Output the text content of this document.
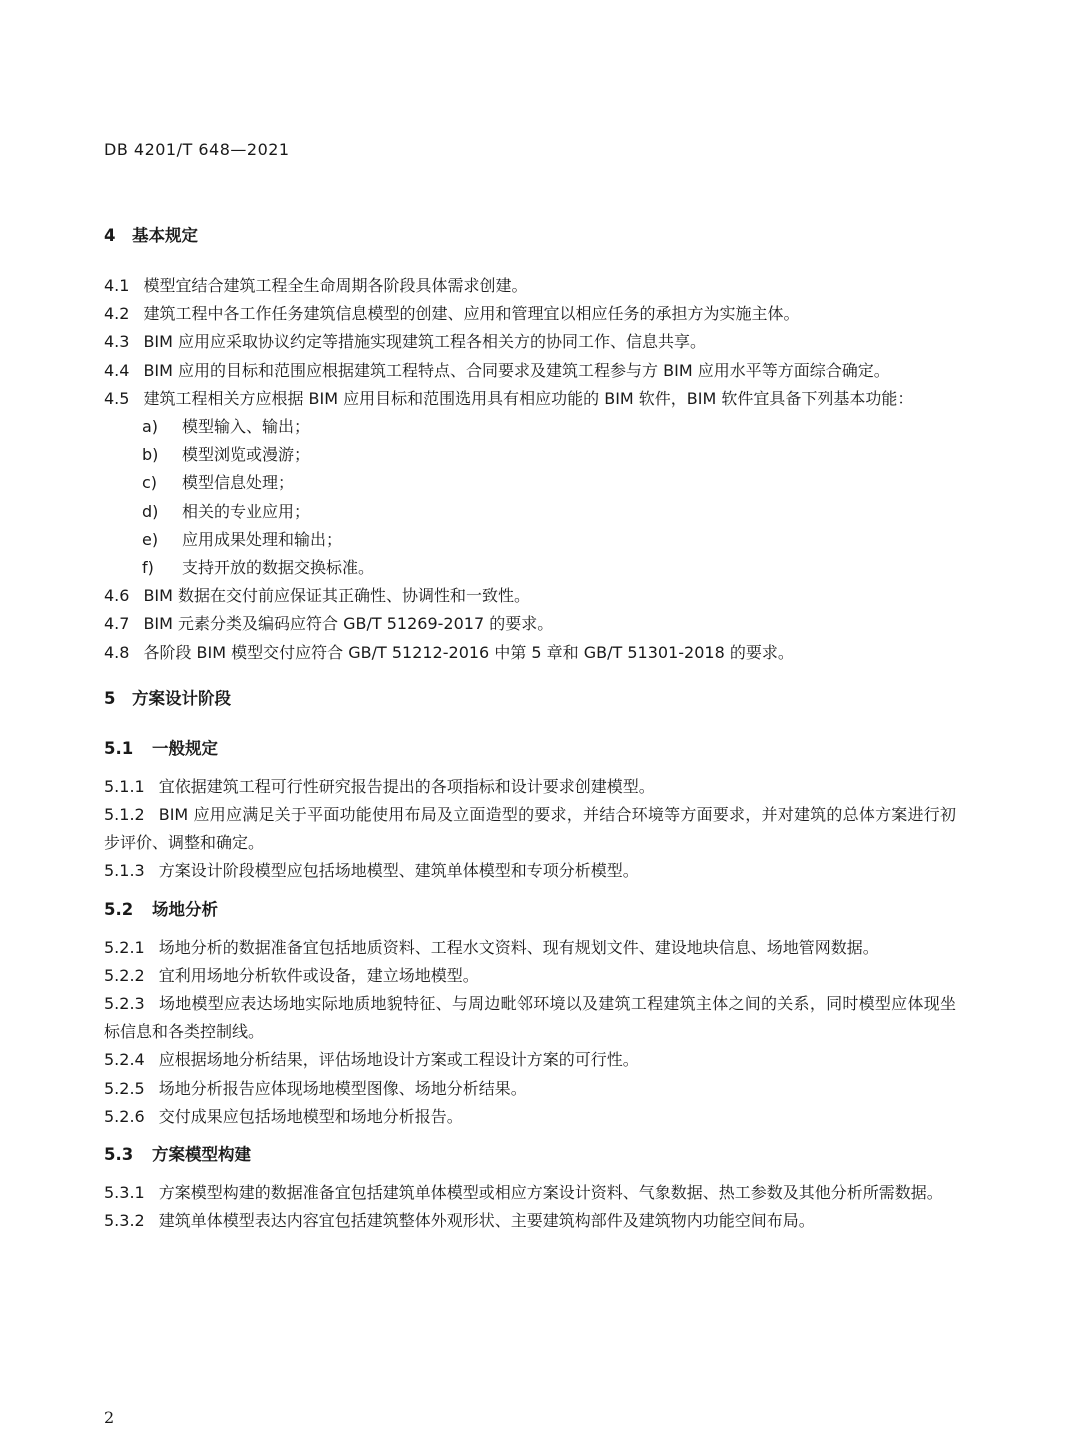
DB 4201/T 648—2021

4 基本规定

4.1 模型宜结合建筑工程全生命周期各阶段具体需求创建。

4.2 建筑工程中各工作任务建筑信息模型的创建、应用和管理宜以相应任务的承担方为实施主体。

4.3 BIM 应用应采取协议约定等措施实现建筑工程各相关方的协同工作、信息共享。

4.4 BIM 应用的目标和范围应根据建筑工程特点、合同要求及建筑工程参与方 BIM 应用水平等方面综合确定。

4.5 建筑工程相关方应根据 BIM 应用目标和范围选用具有相应功能的 BIM 软件，BIM 软件宜具备下列基本功能：

a) 模型输入、输出；

b) 模型浏览或漫游；

c) 模型信息处理；

d) 相关的专业应用；

e) 应用成果处理和输出；

f) 支持开放的数据交换标准。

4.6 BIM 数据在交付前应保证其正确性、协调性和一致性。

4.7 BIM 元素分类及编码应符合 GB/T 51269-2017 的要求。

4.8 各阶段 BIM 模型交付应符合 GB/T 51212-2016 中第 5 章和 GB/T 51301-2018 的要求。

5 方案设计阶段

5.1 一般规定

5.1.1 宜依据建筑工程可行性研究报告提出的各项指标和设计要求创建模型。

5.1.2 BIM 应用应满足关于平面功能使用布局及立面造型的要求，并结合环境等方面要求，并对建筑的总体方案进行初步评价、调整和确定。

5.1.3 方案设计阶段模型应包括场地模型、建筑单体模型和专项分析模型。

5.2 场地分析

5.2.1 场地分析的数据准备宜包括地质资料、工程水文资料、现有规划文件、建设地块信息、场地管网数据。

5.2.2 宜利用场地分析软件或设备，建立场地模型。

5.2.3 场地模型应表达场地实际地质地貌特征、与周边毗邻环境以及建筑工程建筑主体之间的关系，同时模型应体现坐标信息和各类控制线。

5.2.4 应根据场地分析结果，评估场地设计方案或工程设计方案的可行性。

5.2.5 场地分析报告应体现场地模型图像、场地分析结果。

5.2.6 交付成果应包括场地模型和场地分析报告。

5.3 方案模型构建

5.3.1 方案模型构建的数据准备宜包括建筑单体模型或相应方案设计资料、气象数据、热工参数及其他分析所需数据。

5.3.2 建筑单体模型表达内容宜包括建筑整体外观形状、主要建筑构部件及建筑物内功能空间布局。

2
